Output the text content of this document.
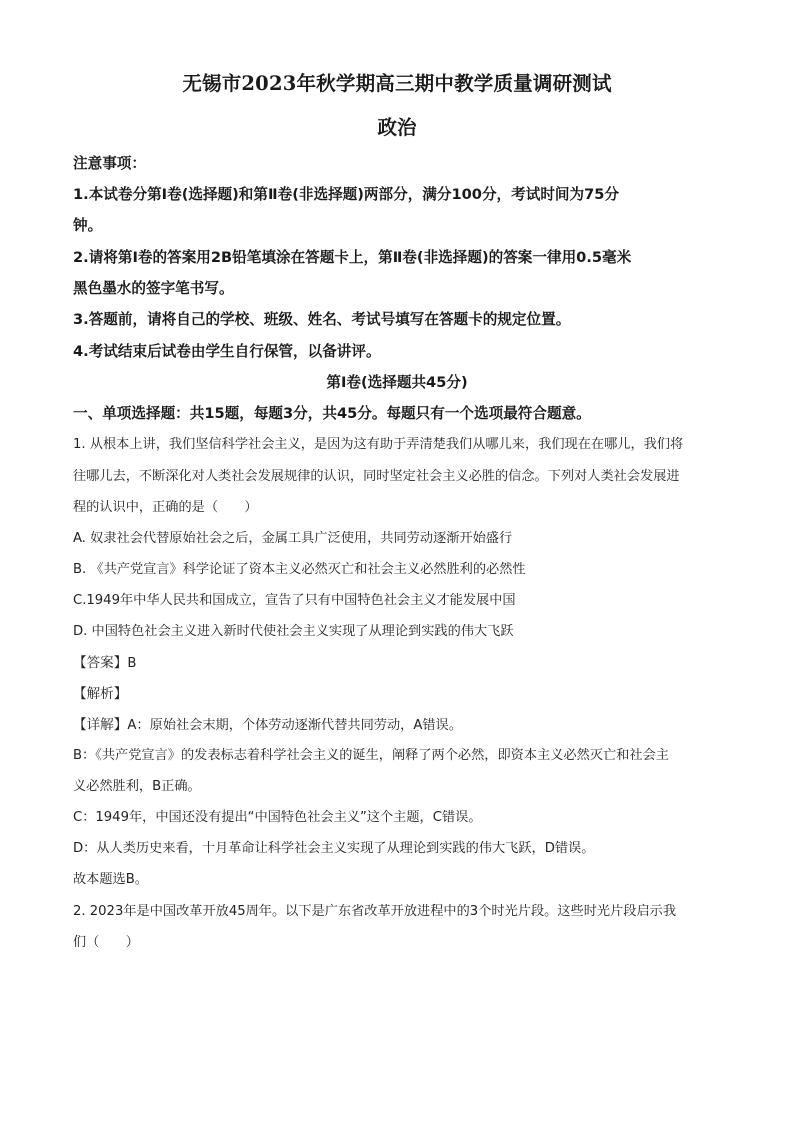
无锡市2023年秋学期高三期中教学质量调研测试
政治
注意事项：
1.本试卷分第Ⅰ卷(选择题)和第Ⅱ卷(非选择题)两部分，满分100分，考试时间为75分
钟。
2.请将第Ⅰ卷的答案用2B铅笔填涂在答题卡上，第Ⅱ卷(非选择题)的答案一律用0.5毫米
黑色墨水的签字笔书写。
3.答题前，请将自己的学校、班级、姓名、考试号填写在答题卡的规定位置。
4.考试结束后试卷由学生自行保管，以备讲评。
第Ⅰ卷(选择题共45分)
一、单项选择题：共15题，每题3分，共45分。每题只有一个选项最符合题意。
1. 从根本上讲，我们坚信科学社会主义，是因为这有助于弄清楚我们从哪儿来，我们现在在哪儿，我们将
往哪儿去，不断深化对人类社会发展规律的认识，同时坚定社会主义必胜的信念。下列对人类社会发展进
程的认识中，正确的是（　　）
A. 奴隶社会代替原始社会之后，金属工具广泛使用，共同劳动逐渐开始盛行
B. 《共产党宣言》科学论证了资本主义必然灭亡和社会主义必然胜利的必然性
C.1949年中华人民共和国成立，宣告了只有中国特色社会主义才能发展中国
D. 中国特色社会主义进入新时代使社会主义实现了从理论到实践的伟大飞跃
【答案】B
【解析】
【详解】A：原始社会末期，个体劳动逐渐代替共同劳动，A错误。
B：《共产党宣言》的发表标志着科学社会主义的诞生，阐释了两个必然，即资本主义必然灭亡和社会主
义必然胜利，B正确。
C：1949年，中国还没有提出“中国特色社会主义”这个主题，C错误。
D：从人类历史来看，十月革命让科学社会主义实现了从理论到实践的伟大飞跃，D错误。
故本题选B。
2. 2023年是中国改革开放45周年。以下是广东省改革开放进程中的3个时光片段。这些时光片段启示我
们（　　）
